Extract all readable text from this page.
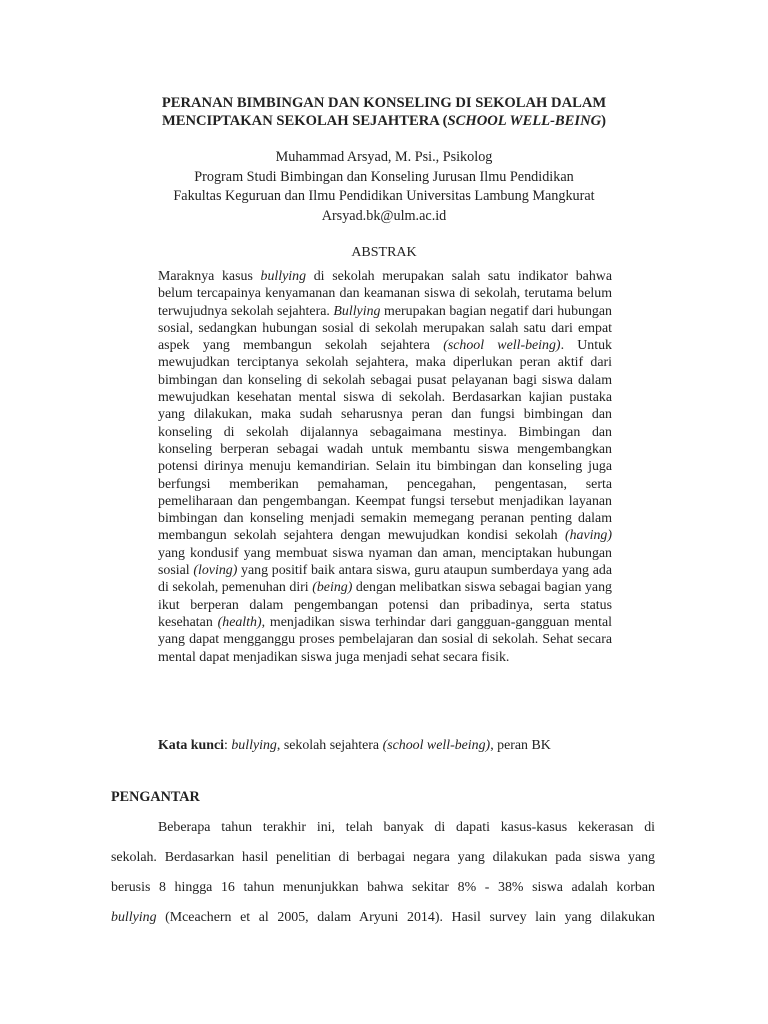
PERANAN BIMBINGAN DAN KONSELING DI SEKOLAH DALAM
MENCIPTAKAN SEKOLAH SEJAHTERA (SCHOOL WELL-BEING)
Muhammad Arsyad, M. Psi., Psikolog
Program Studi Bimbingan dan Konseling Jurusan Ilmu Pendidikan
Fakultas Keguruan dan Ilmu Pendidikan Universitas Lambung Mangkurat
Arsyad.bk@ulm.ac.id
ABSTRAK
Maraknya kasus bullying di sekolah merupakan salah satu indikator bahwa belum tercapainya kenyamanan dan keamanan siswa di sekolah, terutama belum terwujudnya sekolah sejahtera. Bullying merupakan bagian negatif dari hubungan sosial, sedangkan hubungan sosial di sekolah merupakan salah satu dari empat aspek yang membangun sekolah sejahtera (school well-being). Untuk mewujudkan terciptanya sekolah sejahtera, maka diperlukan peran aktif dari bimbingan dan konseling di sekolah sebagai pusat pelayanan bagi siswa dalam mewujudkan kesehatan mental siswa di sekolah. Berdasarkan kajian pustaka yang dilakukan, maka sudah seharusnya peran dan fungsi bimbingan dan konseling di sekolah dijalannya sebagaimana mestinya. Bimbingan dan konseling berperan sebagai wadah untuk membantu siswa mengembangkan potensi dirinya menuju kemandirian. Selain itu bimbingan dan konseling juga berfungsi memberikan pemahaman, pencegahan, pengentasan, serta pemeliharaan dan pengembangan. Keempat fungsi tersebut menjadikan layanan bimbingan dan konseling menjadi semakin memegang peranan penting dalam membangun sekolah sejahtera dengan mewujudkan kondisi sekolah (having) yang kondusif yang membuat siswa nyaman dan aman, menciptakan hubungan sosial (loving) yang positif baik antara siswa, guru ataupun sumberdaya yang ada di sekolah, pemenuhan diri (being) dengan melibatkan siswa sebagai bagian yang ikut berperan dalam pengembangan potensi dan pribadinya, serta status kesehatan (health), menjadikan siswa terhindar dari gangguan-gangguan mental yang dapat mengganggu proses pembelajaran dan sosial di sekolah. Sehat secara mental dapat menjadikan siswa juga menjadi sehat secara fisik.
Kata kunci: bullying, sekolah sejahtera (school well-being), peran BK
PENGANTAR
Beberapa tahun terakhir ini, telah banyak di dapati kasus-kasus kekerasan di
sekolah. Berdasarkan hasil penelitian di berbagai negara yang dilakukan pada siswa yang
berusis 8 hingga 16 tahun menunjukkan bahwa sekitar 8% - 38% siswa adalah korban
bullying (Mceachern et al 2005, dalam Aryuni 2014). Hasil survey lain yang dilakukan
